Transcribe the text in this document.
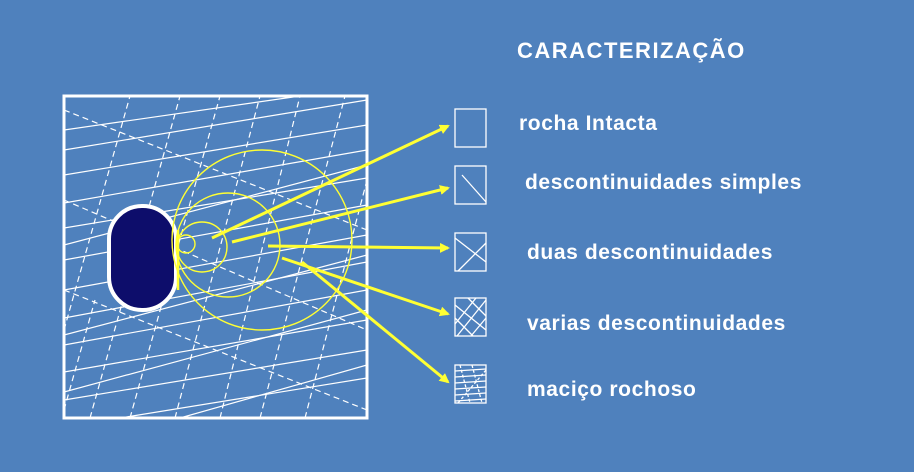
CARACTERIZAÇÃO
rocha Intacta
descontinuidades simples
duas descontinuidades
varias descontinuidades
maciço rochoso
